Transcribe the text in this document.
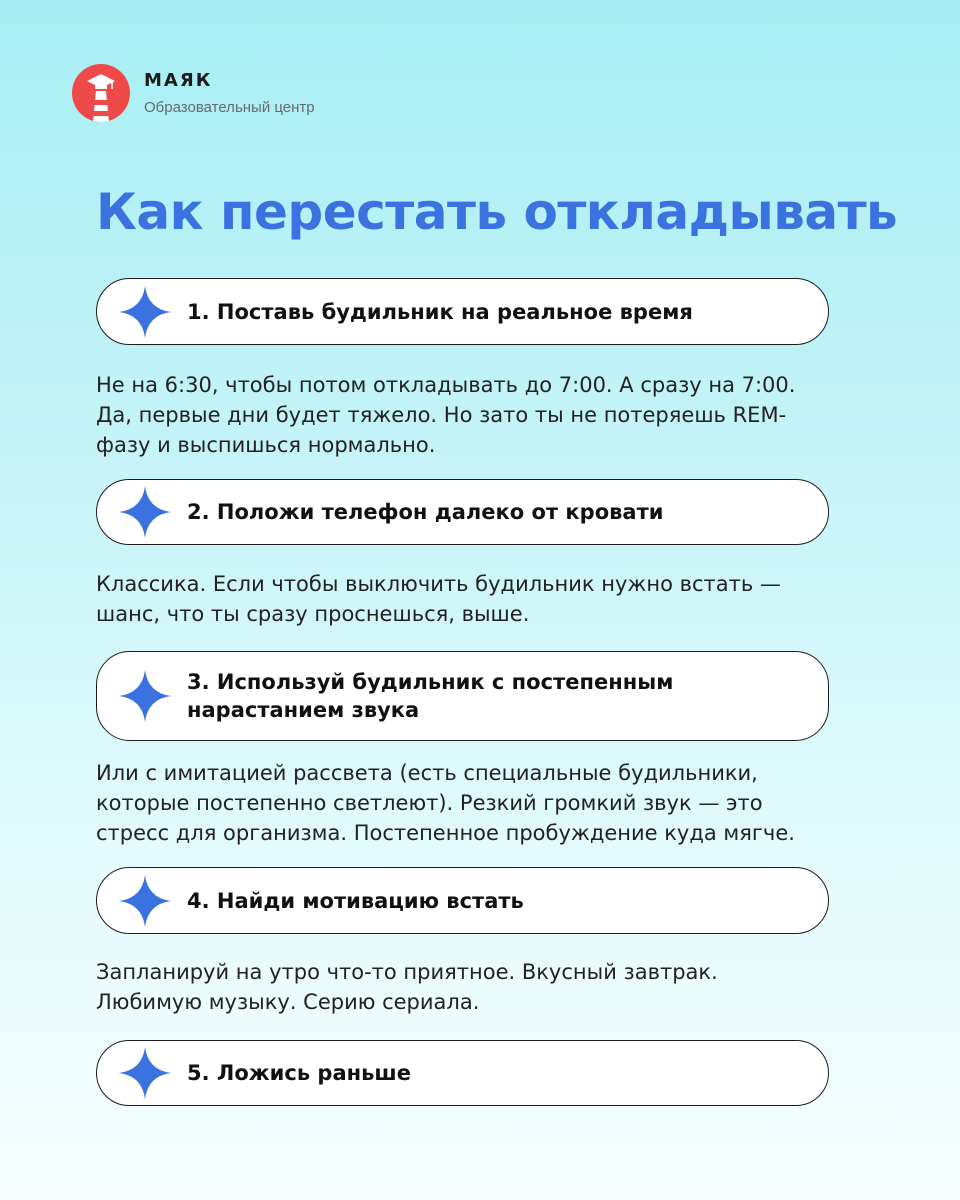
МАЯК
Образовательный центр
Как перестать откладывать
1. Поставь будильник на реальное время
Не на 6:30, чтобы потом откладывать до 7:00. А сразу на 7:00.
Да, первые дни будет тяжело. Но зато ты не потеряешь REM-
фазу и выспишься нормально.
2. Положи телефон далеко от кровати
Классика. Если чтобы выключить будильник нужно встать —
шанс, что ты сразу проснешься, выше.
3. Используй будильник с постепенным
нарастанием звука
Или с имитацией рассвета (есть специальные будильники,
которые постепенно светлеют). Резкий громкий звук — это
стресс для организма. Постепенное пробуждение куда мягче.
4. Найди мотивацию встать
Запланируй на утро что-то приятное. Вкусный завтрак.
Любимую музыку. Серию сериала.
5. Ложись раньше
